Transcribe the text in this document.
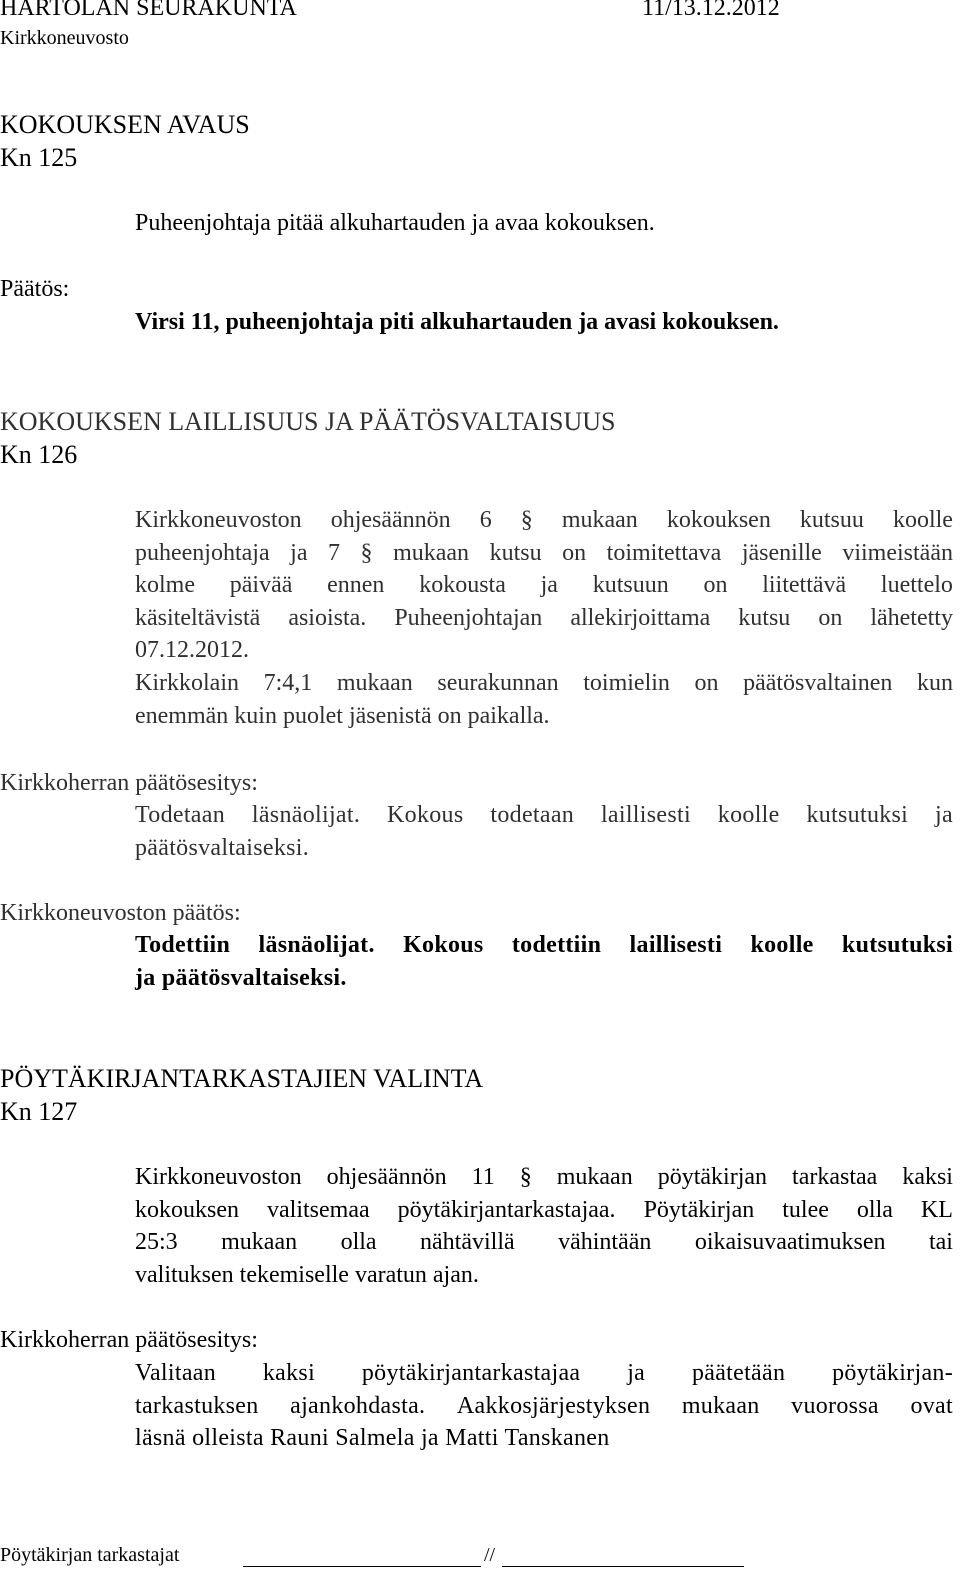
HARTOLAN SEURAKUNTA	11/13.12.2012
Kirkkoneuvosto
KOKOUKSEN AVAUS
Kn 125
Puheenjohtaja pitää alkuhartauden ja avaa kokouksen.
Päätös:
Virsi 11, puheenjohtaja piti alkuhartauden ja avasi kokouksen.
KOKOUKSEN LAILLISUUS JA PÄÄTÖSVALTAISUUS
Kn 126
Kirkkoneuvoston ohjesäännön 6 § mukaan kokouksen kutsuu koolle
puheenjohtaja ja 7 § mukaan kutsu on toimitettava jäsenille viimeistään
kolme päivää ennen kokousta ja kutsuun on liitettävä luettelo
käsiteltävistä asioista. Puheenjohtajan allekirjoittama kutsu on lähetetty
07.12.2012.
Kirkkolain 7:4,1 mukaan seurakunnan toimielin on päätösvaltainen kun
enemmän kuin puolet jäsenistä on paikalla.
Kirkkoherran päätösesitys:
Todetaan läsnäolijat. Kokous todetaan laillisesti koolle kutsutuksi ja
päätösvaltaiseksi.
Kirkkoneuvoston päätös:
Todettiin läsnäolijat. Kokous todettiin laillisesti koolle kutsutuksi
ja päätösvaltaiseksi.
PÖYTÄKIRJANTARKASTAJIEN VALINTA
Kn 127
Kirkkoneuvoston ohjesäännön 11 § mukaan pöytäkirjan tarkastaa kaksi
kokouksen valitsemaa pöytäkirjantarkastajaa. Pöytäkirjan tulee olla KL
25:3 mukaan olla nähtävillä vähintään oikaisuvaatimuksen tai
valituksen tekemiselle varatun ajan.
Kirkkoherran päätösesitys:
Valitaan kaksi pöytäkirjantarkastajaa ja päätetään pöytäkirjan-
tarkastuksen ajankohdasta. Aakkosjärjestyksen mukaan vuorossa ovat
läsnä olleista Rauni Salmela ja Matti Tanskanen
Pöytäkirjan tarkastajat	//
